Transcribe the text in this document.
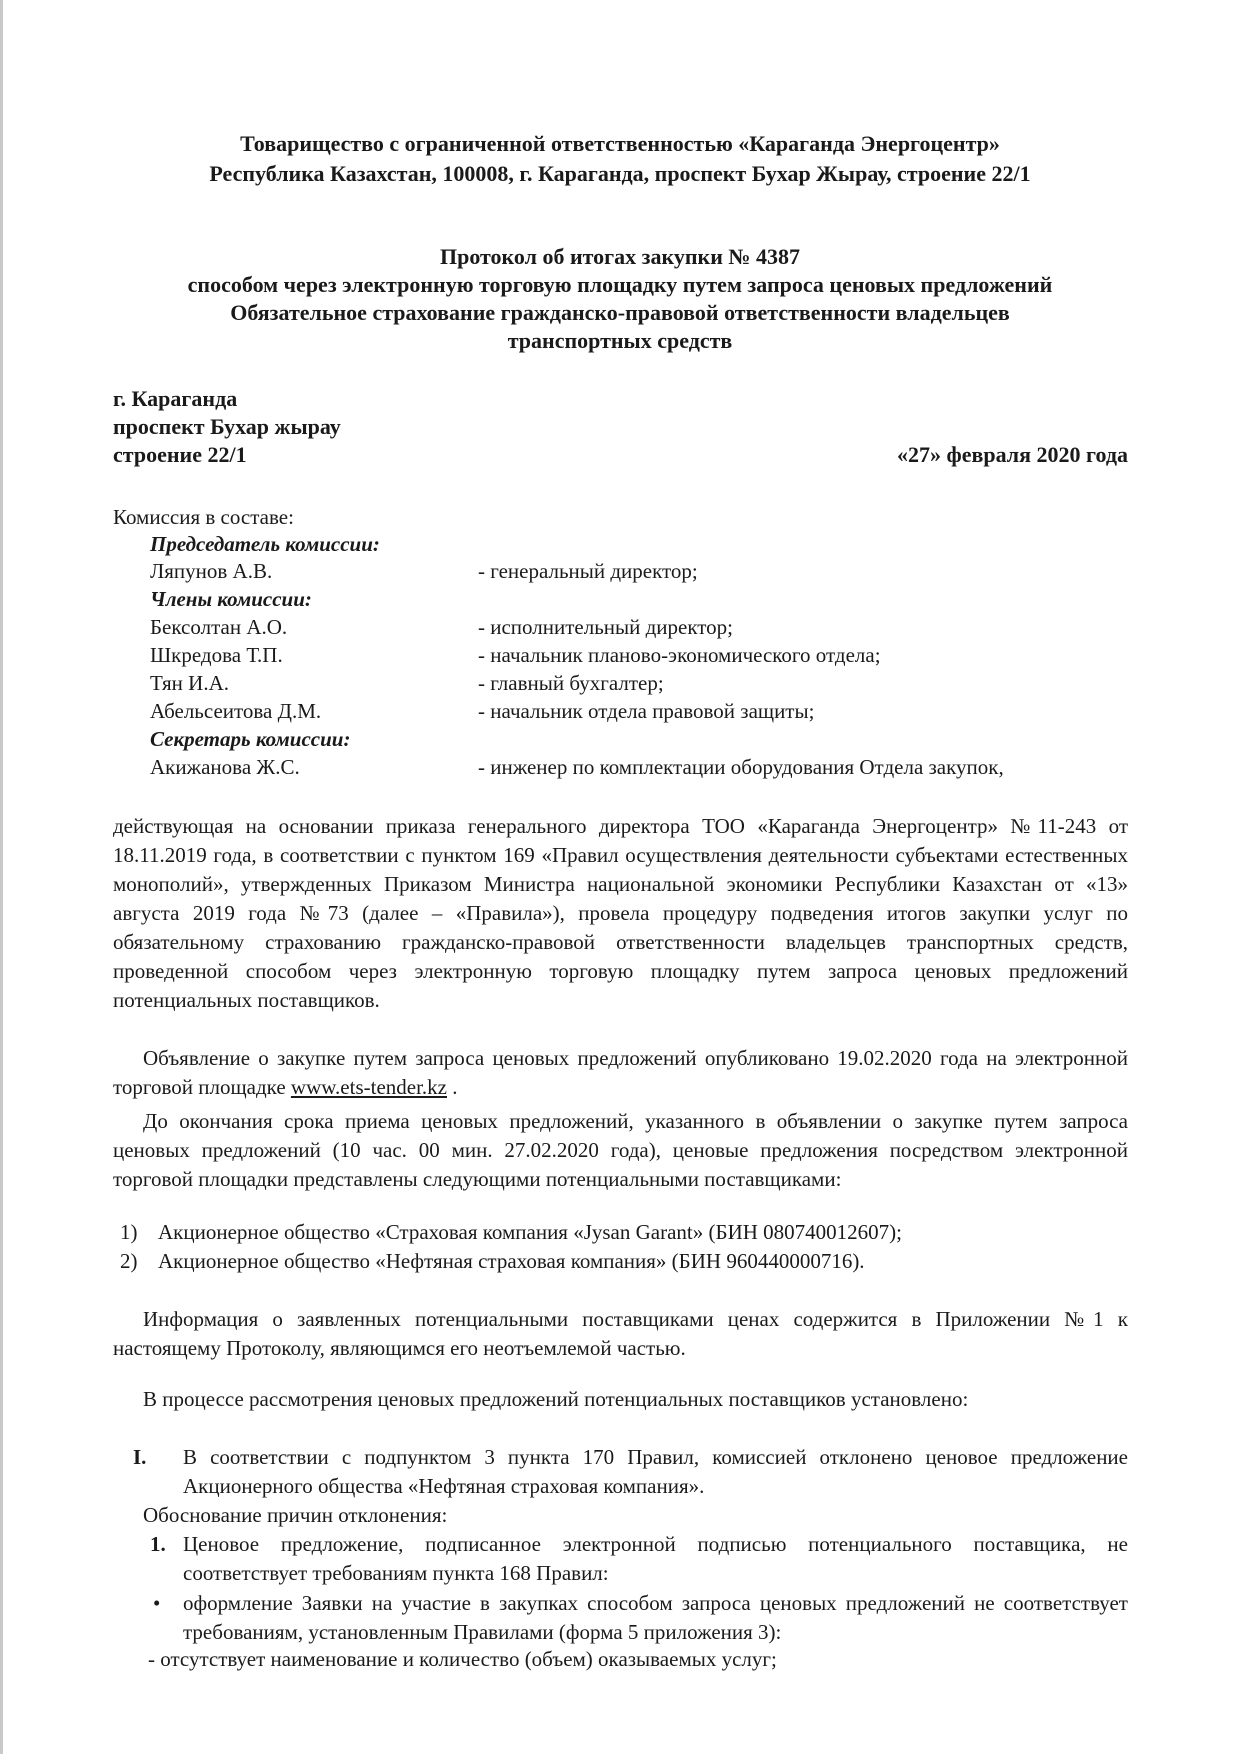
Товарищество с ограниченной ответственностью «Караганда Энергоцентр»
Республика Казахстан, 100008, г. Караганда, проспект Бухар Жырау, строение 22/1
Протокол об итогах закупки № 4387
способом через электронную торговую площадку путем запроса ценовых предложений
Обязательное страхование гражданско-правовой ответственности владельцев
транспортных средств
г. Караганда
проспект Бухар жырау
строение 22/1	«27» февраля 2020 года
Комиссия в составе:
Председатель комиссии:
Ляпунов А.В.	- генеральный директор;
Члены комиссии:
Бексолтан А.О.	- исполнительный директор;
Шкредова Т.П.	- начальник планово-экономического отдела;
Тян И.А.	- главный бухгалтер;
Абельсеитова Д.М.	- начальник отдела правовой защиты;
Секретарь комиссии:
Акижанова Ж.С.	- инженер по комплектации оборудования Отдела закупок,
действующая на основании приказа генерального директора ТОО «Караганда Энергоцентр» №11-243 от 18.11.2019 года, в соответствии с пунктом 169 «Правил осуществления деятельности субъектами естественных монополий», утвержденных Приказом Министра национальной экономики Республики Казахстан от «13» августа 2019 года №73 (далее – «Правила»), провела процедуру подведения итогов закупки услуг по обязательному страхованию гражданско-правовой ответственности владельцев транспортных средств, проведенной способом через электронную торговую площадку путем запроса ценовых предложений потенциальных поставщиков.
Объявление о закупке путем запроса ценовых предложений опубликовано 19.02.2020 года на электронной торговой площадке www.ets-tender.kz .
До окончания срока приема ценовых предложений, указанного в объявлении о закупке путем запроса ценовых предложений (10 час. 00 мин. 27.02.2020 года), ценовые предложения посредством электронной торговой площадки представлены следующими потенциальными поставщиками:
1) Акционерное общество «Страховая компания «Jysan Garant» (БИН 080740012607);
2) Акционерное общество «Нефтяная страховая компания» (БИН 960440000716).
Информация о заявленных потенциальными поставщиками ценах содержится в Приложении №1 к настоящему Протоколу, являющимся его неотъемлемой частью.
В процессе рассмотрения ценовых предложений потенциальных поставщиков установлено:
I. В соответствии с подпунктом 3 пункта 170 Правил, комиссией отклонено ценовое предложение Акционерного общества «Нефтяная страховая компания».
Обоснование причин отклонения:
1. Ценовое предложение, подписанное электронной подписью потенциального поставщика, не соответствует требованиям пункта 168 Правил:
• оформление Заявки на участие в закупках способом запроса ценовых предложений не соответствует требованиям, установленным Правилами (форма 5 приложения 3):
- отсутствует наименование и количество (объем) оказываемых услуг;
